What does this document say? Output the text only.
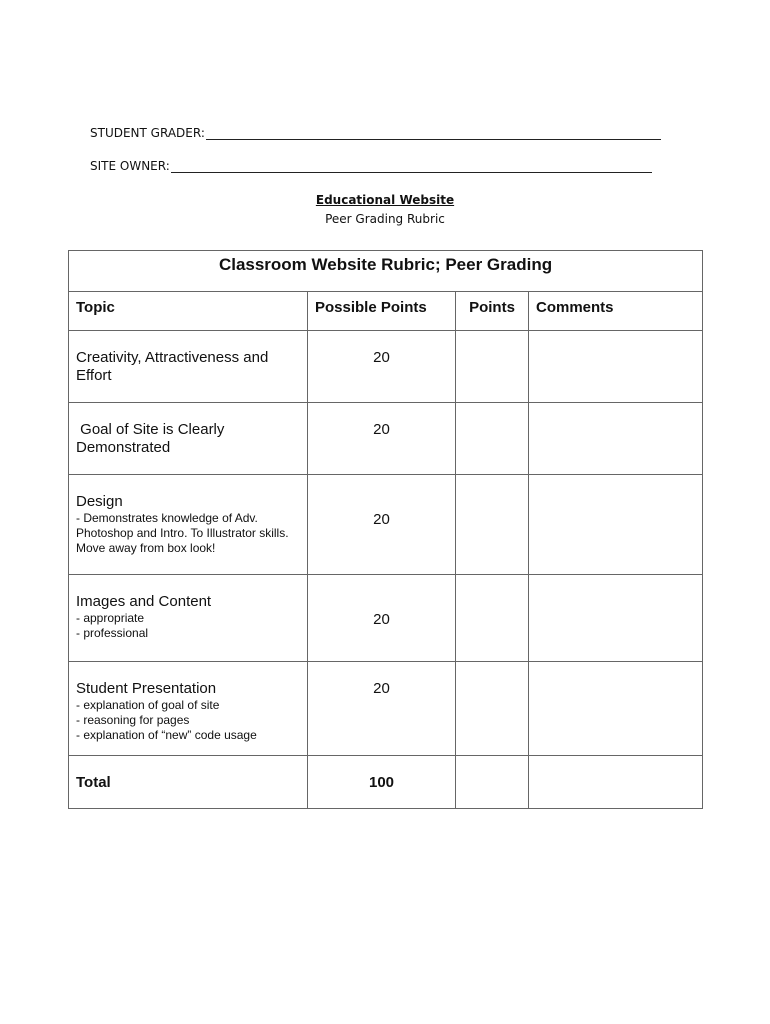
STUDENT GRADER:
SITE OWNER:
Educational Website
Peer Grading Rubric
Classroom Website Rubric; Peer Grading			
Topic	Possible Points	Points	Comments
Creativity, Attractiveness and Effort	20		
Goal of Site is Clearly Demonstrated	20		

Design
- Demonstrates knowledge of Adv. Photoshop and Intro. To Illustrator skills. Move away from box look!	20		

Images and Content
- appropriate
- professional	20		

Student Presentation
- explanation of goal of site
- reasoning for pages
- explanation of “new” code usage	20		
Total	100		
